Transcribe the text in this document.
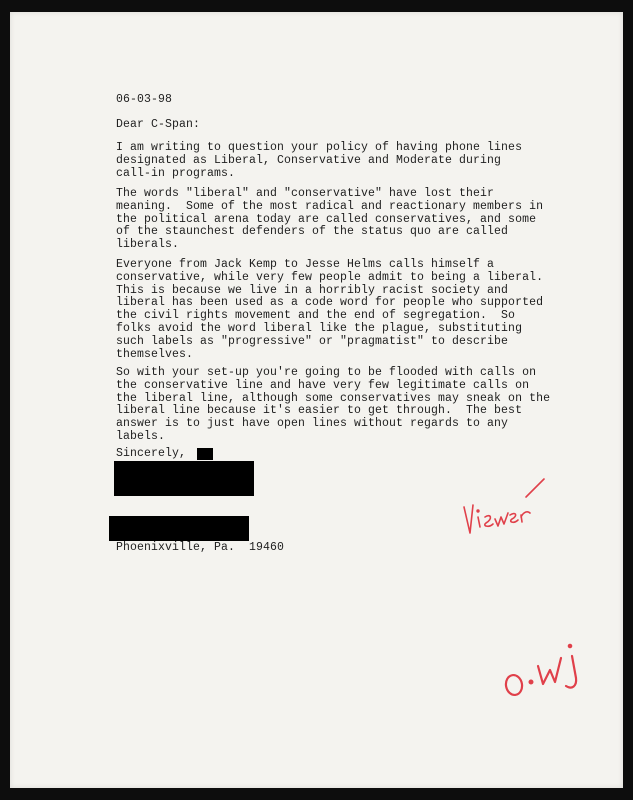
06-03-98
Dear C-Span:
I am writing to question your policy of having phone lines
designated as Liberal, Conservative and Moderate during
call-in programs.
The words "liberal" and "conservative" have lost their
meaning.  Some of the most radical and reactionary members in
the political arena today are called conservatives, and some
of the staunchest defenders of the status quo are called
liberals.
Everyone from Jack Kemp to Jesse Helms calls himself a
conservative, while very few people admit to being a liberal.
This is because we live in a horribly racist society and
liberal has been used as a code word for people who supported
the civil rights movement and the end of segregation.  So
folks avoid the word liberal like the plague, substituting
such labels as "progressive" or "pragmatist" to describe
themselves.
So with your set-up you're going to be flooded with calls on
the conservative line and have very few legitimate calls on
the liberal line, although some conservatives may sneak on the
liberal line because it's easier to get through.  The best
answer is to just have open lines without regards to any
labels.
Sincerely,
Phoenixville, Pa.  19460
